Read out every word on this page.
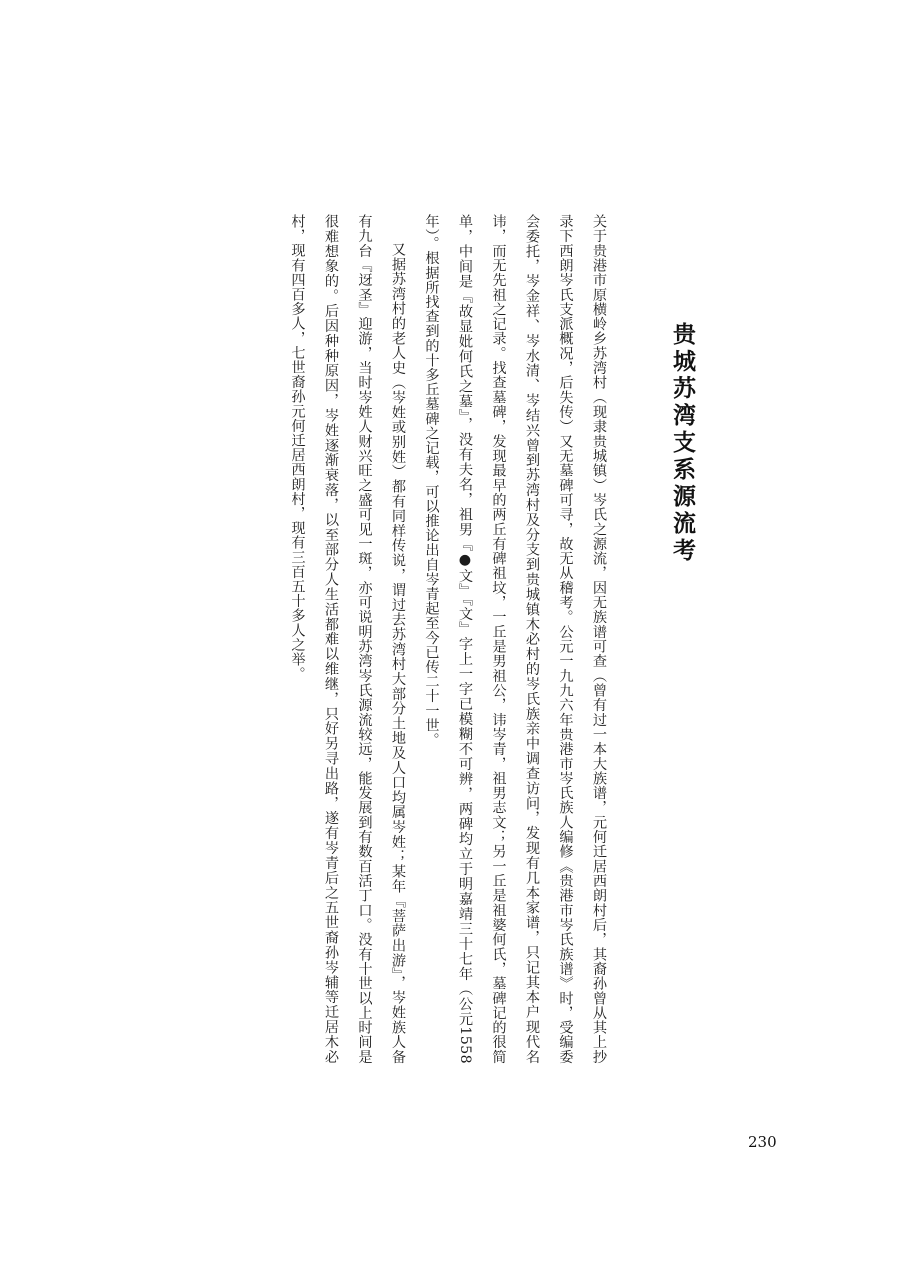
贵城苏湾支系源流考

关于贵港市原横岭乡苏湾村（现隶贵城镇）岑氏之源流，因无族谱可查（曾有过一本大族谱，元何迁居西朗村后，其裔孙曾从其上抄录下西朗岑氏支派概况，后失传）又无墓碑可寻，故无从稽考。公元一九九六年贵港市岑氏族人编修《贵港市岑氏族谱》时，受编委会委托，岑金祥、岑水清、岑结兴曾到苏湾村及分支到贵城镇木必村的岑氏族亲中调查访问，发现有几本家谱，只记其本户现代名讳，而无先祖之记录。找查墓碑，发现最早的两丘有碑祖坟，一丘是男祖公，讳岑青，祖男志文；另一丘是祖婆何氏，墓碑记的很简单，中间是『故显妣何氏之墓』，没有夫名，祖男『●文』『文』字上一字已模糊不可辨，两碑均立于明嘉靖三十七年（公元1558年）。根据所找查到的十多丘墓碑之记载，可以推论出自岑青起至今已传二十一世。

又据苏湾村的老人史（岑姓或别姓）都有同样传说，谓过去苏湾村大部分土地及人口均属岑姓；某年『菩萨出游』，岑姓族人备有九台『迓圣』迎游，当时岑姓人财兴旺之盛可见一斑，亦可说明苏湾岑氏源流较远，能发展到有数百活丁口。没有十世以上时间是很难想象的。后因种种原因，岑姓逐渐衰落，以至部分人生活都难以维继，只好另寻出路，遂有岑青后之五世裔孙岑辅等迁居木必村，现有四百多人，七世裔孙元何迁居西朗村，现有三百五十多人之举。

230
